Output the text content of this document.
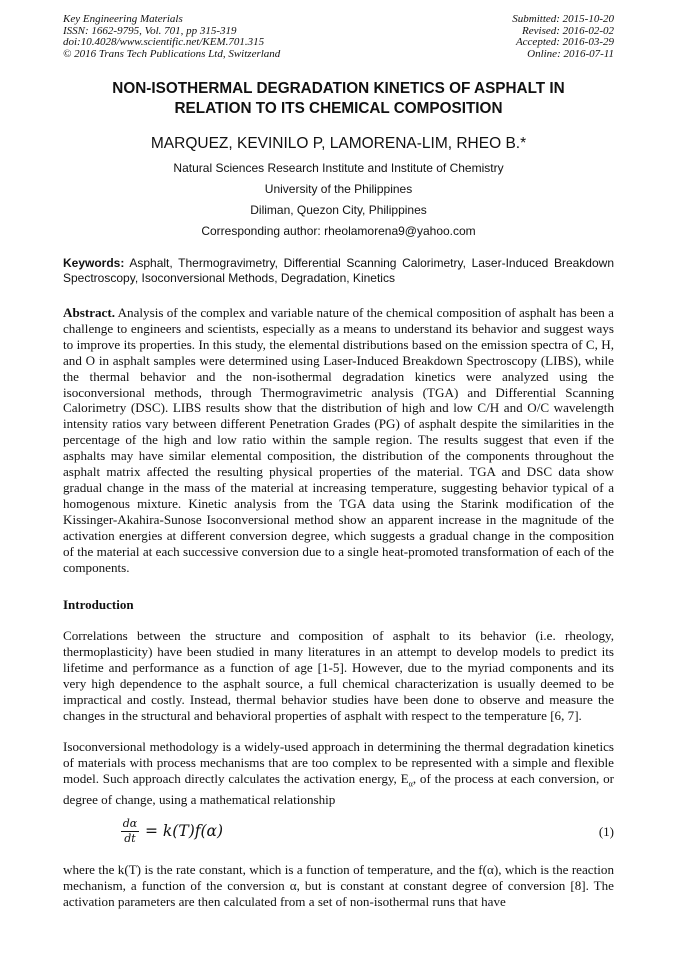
Key Engineering Materials
ISSN: 1662-9795, Vol. 701, pp 315-319
doi:10.4028/www.scientific.net/KEM.701.315
© 2016 Trans Tech Publications Ltd, Switzerland
Submitted: 2015-10-20
Revised: 2016-02-02
Accepted: 2016-03-29
Online: 2016-07-11
NON-ISOTHERMAL DEGRADATION KINETICS OF ASPHALT IN
RELATION TO ITS CHEMICAL COMPOSITION
MARQUEZ, KEVINILO P, LAMORENA-LIM, RHEO B.*
Natural Sciences Research Institute and Institute of Chemistry
University of the Philippines
Diliman, Quezon City, Philippines
Corresponding author: rheolamorena9@yahoo.com
Keywords: Asphalt, Thermogravimetry, Differential Scanning Calorimetry, Laser-Induced Breakdown Spectroscopy, Isoconversional Methods, Degradation, Kinetics
Abstract. Analysis of the complex and variable nature of the chemical composition of asphalt has been a challenge to engineers and scientists, especially as a means to understand its behavior and suggest ways to improve its properties. In this study, the elemental distributions based on the emission spectra of C, H, and O in asphalt samples were determined using Laser-Induced Breakdown Spectroscopy (LIBS), while the thermal behavior and the non-isothermal degradation kinetics were analyzed using the isoconversional methods, through Thermogravimetric analysis (TGA) and Differential Scanning Calorimetry (DSC). LIBS results show that the distribution of high and low C/H and O/C wavelength intensity ratios vary between different Penetration Grades (PG) of asphalt despite the similarities in the percentage of the high and low ratio within the sample region. The results suggest that even if the asphalts may have similar elemental composition, the distribution of the components throughout the asphalt matrix affected the resulting physical properties of the material. TGA and DSC data show gradual change in the mass of the material at increasing temperature, suggesting behavior typical of a homogenous mixture. Kinetic analysis from the TGA data using the Starink modification of the Kissinger-Akahira-Sunose Isoconversional method show an apparent increase in the magnitude of the activation energies at different conversion degree, which suggests a gradual change in the composition of the material at each successive conversion due to a single heat-promoted transformation of each of the components.
Introduction
Correlations between the structure and composition of asphalt to its behavior (i.e. rheology, thermoplasticity) have been studied in many literatures in an attempt to develop models to predict its lifetime and performance as a function of age [1-5]. However, due to the myriad components and its very high dependence to the asphalt source, a full chemical characterization is usually deemed to be impractical and costly. Instead, thermal behavior studies have been done to observe and measure the changes in the structural and behavioral properties of asphalt with respect to the temperature [6, 7].
Isoconversional methodology is a widely-used approach in determining the thermal degradation kinetics of materials with process mechanisms that are too complex to be represented with a simple and flexible model. Such approach directly calculates the activation energy, $E_\alpha$, of the process at each conversion, or degree of change, using a mathematical relationship
$\frac{d\alpha}{dt} = k(T)f(\alpha)$	(1)
where the k(T) is the rate constant, which is a function of temperature, and the f(α), which is the reaction mechanism, a function of the conversion α, but is constant at constant degree of conversion [8]. The activation parameters are then calculated from a set of non-isothermal runs that have
